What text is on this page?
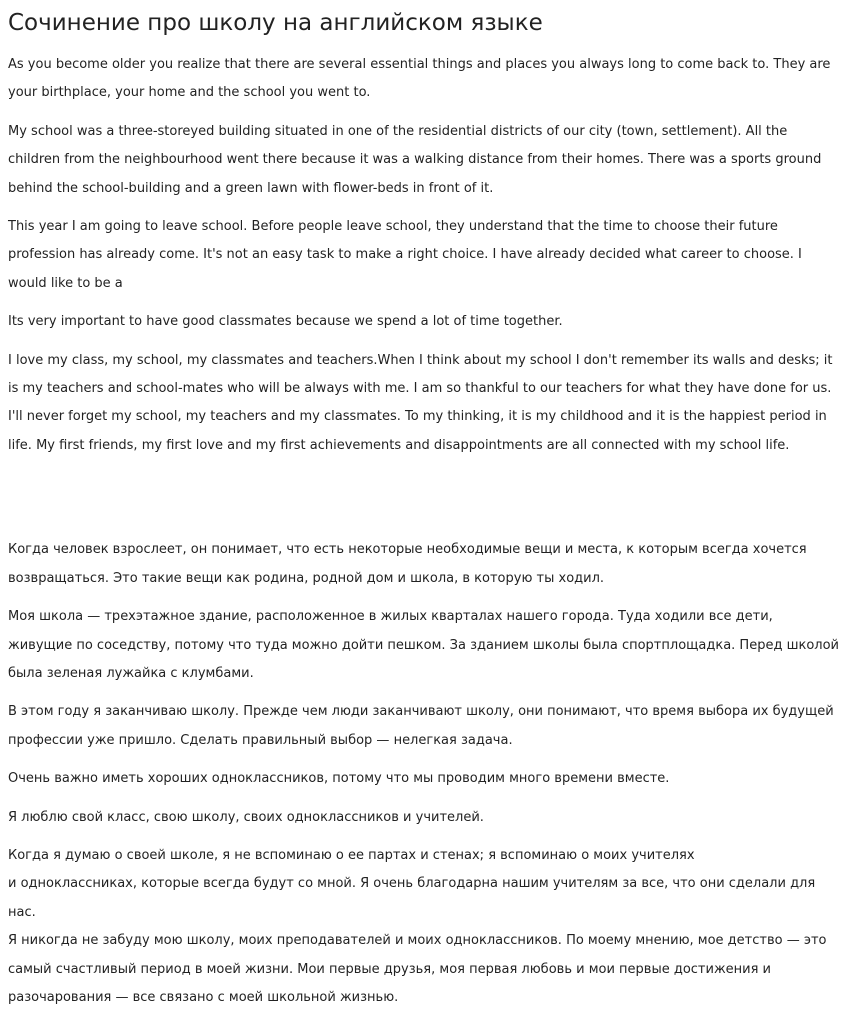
Сочинение про школу на английском языке

As you become older you realize that there are several essential things and places you always long to come back to. They are your birthplace, your home and the school you went to.

My school was a three-storeyed building situated in one of the residential districts of our city (town, settlement). All the children from the neighbourhood went there because it was a walking distance from their homes. There was a sports ground behind the school-building and a green lawn with flower-beds in front of it.

This year I am going to leave school. Before people leave school, they understand that the time to choose their future profession has already come. It's not an easy task to make a right choice. I have already decided what career to choose. I would like to be a

Its very important to have good classmates because we spend a lot of time together.

I love my class, my school, my classmates and teachers.When I think about my school I don't remember its walls and desks; it is my teachers and school-mates who will be always with me. I am so thankful to our teachers for what they have done for us. I'll never forget my school, my teachers and my classmates. To my thinking, it is my childhood and it is the happiest period in life. My first friends, my first love and my first achievements and disappointments are all connected with my school life.

Когда человек взрослеет, он понимает, что есть некоторые необходимые вещи и места, к которым всегда хочется возвращаться. Это такие вещи как родина, родной дом и школа, в которую ты ходил.

Моя школа — трехэтажное здание, расположенное в жилых кварталах нашего города. Туда ходили все дети, живущие по соседству, потому что туда можно дойти пешком. За зданием школы была спортплощадка. Перед школой была зеленая лужайка с клумбами.

В этом году я заканчиваю школу. Прежде чем люди заканчивают школу, они понимают, что время выбора их будущей профессии уже пришло. Сделать правильный выбор — нелегкая задача.

Очень важно иметь хороших одноклассников, потому что мы проводим много времени вместе.

Я люблю свой класс, свою школу, своих одноклассников и учителей.

Когда я думаю о своей школе, я не вспоминаю о ее партах и стенах; я вспоминаю о моих учителях

и одноклассниках, которые всегда будут со мной. Я очень благодарна нашим учителям за все, что они сделали для нас.

Я никогда не забуду мою школу, моих преподавателей и моих одноклассников. По моему мнению, мое детство — это самый счастливый период в моей жизни. Мои первые друзья, моя первая любовь и мои первые достижения и разочарования — все связано с моей школьной жизнью.
